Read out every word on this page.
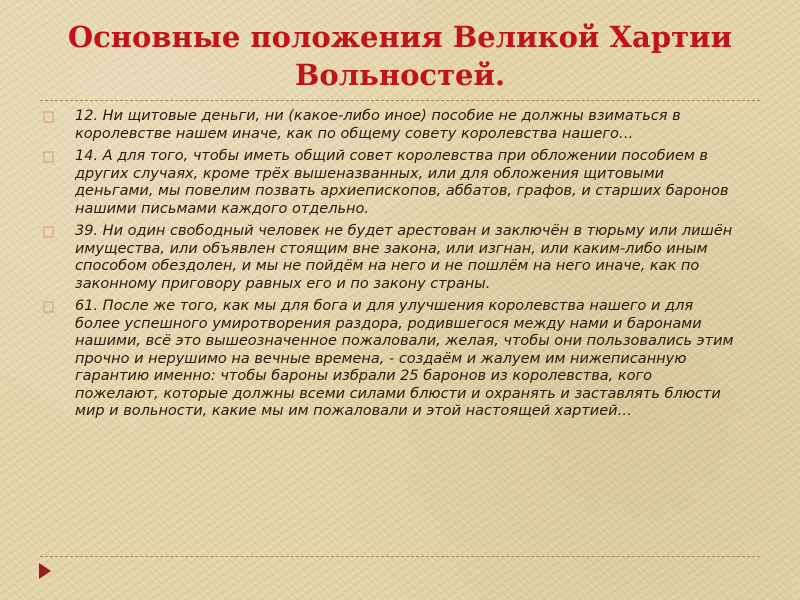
Основные положения Великой Хартии Вольностей.
12. Ни щитовые деньги, ни (какое-либо иное) пособие не должны взиматься в королевстве нашем иначе, как по общему совету королевства нашего…
14. А для того, чтобы иметь общий совет королевства при обложении пособием в других случаях, кроме трёх вышеназванных, или для обложения щитовыми деньгами, мы повелим позвать архиепископов, аббатов, графов, и старших баронов нашими письмами каждого отдельно.
39. Ни один свободный человек не будет арестован и заключён в тюрьму или лишён имущества, или объявлен стоящим вне закона, или изгнан, или каким-либо иным способом обездолен, и мы не пойдём на него и не пошлём на него иначе, как по законному приговору равных его и по закону страны.
61. После же того, как мы для бога и для улучшения королевства нашего и для более успешного умиротворения раздора, родившегося между нами и баронами нашими, всё это вышеозначенное пожаловали, желая, чтобы они пользовались этим прочно и нерушимо на вечные времена, - создаём и жалуем им нижеписанную гарантию именно: чтобы бароны избрали 25 баронов из королевства, кого пожелают, которые должны всеми силами блюсти и охранять и заставлять блюсти мир и вольности, какие мы им пожаловали и этой настоящей хартией…
